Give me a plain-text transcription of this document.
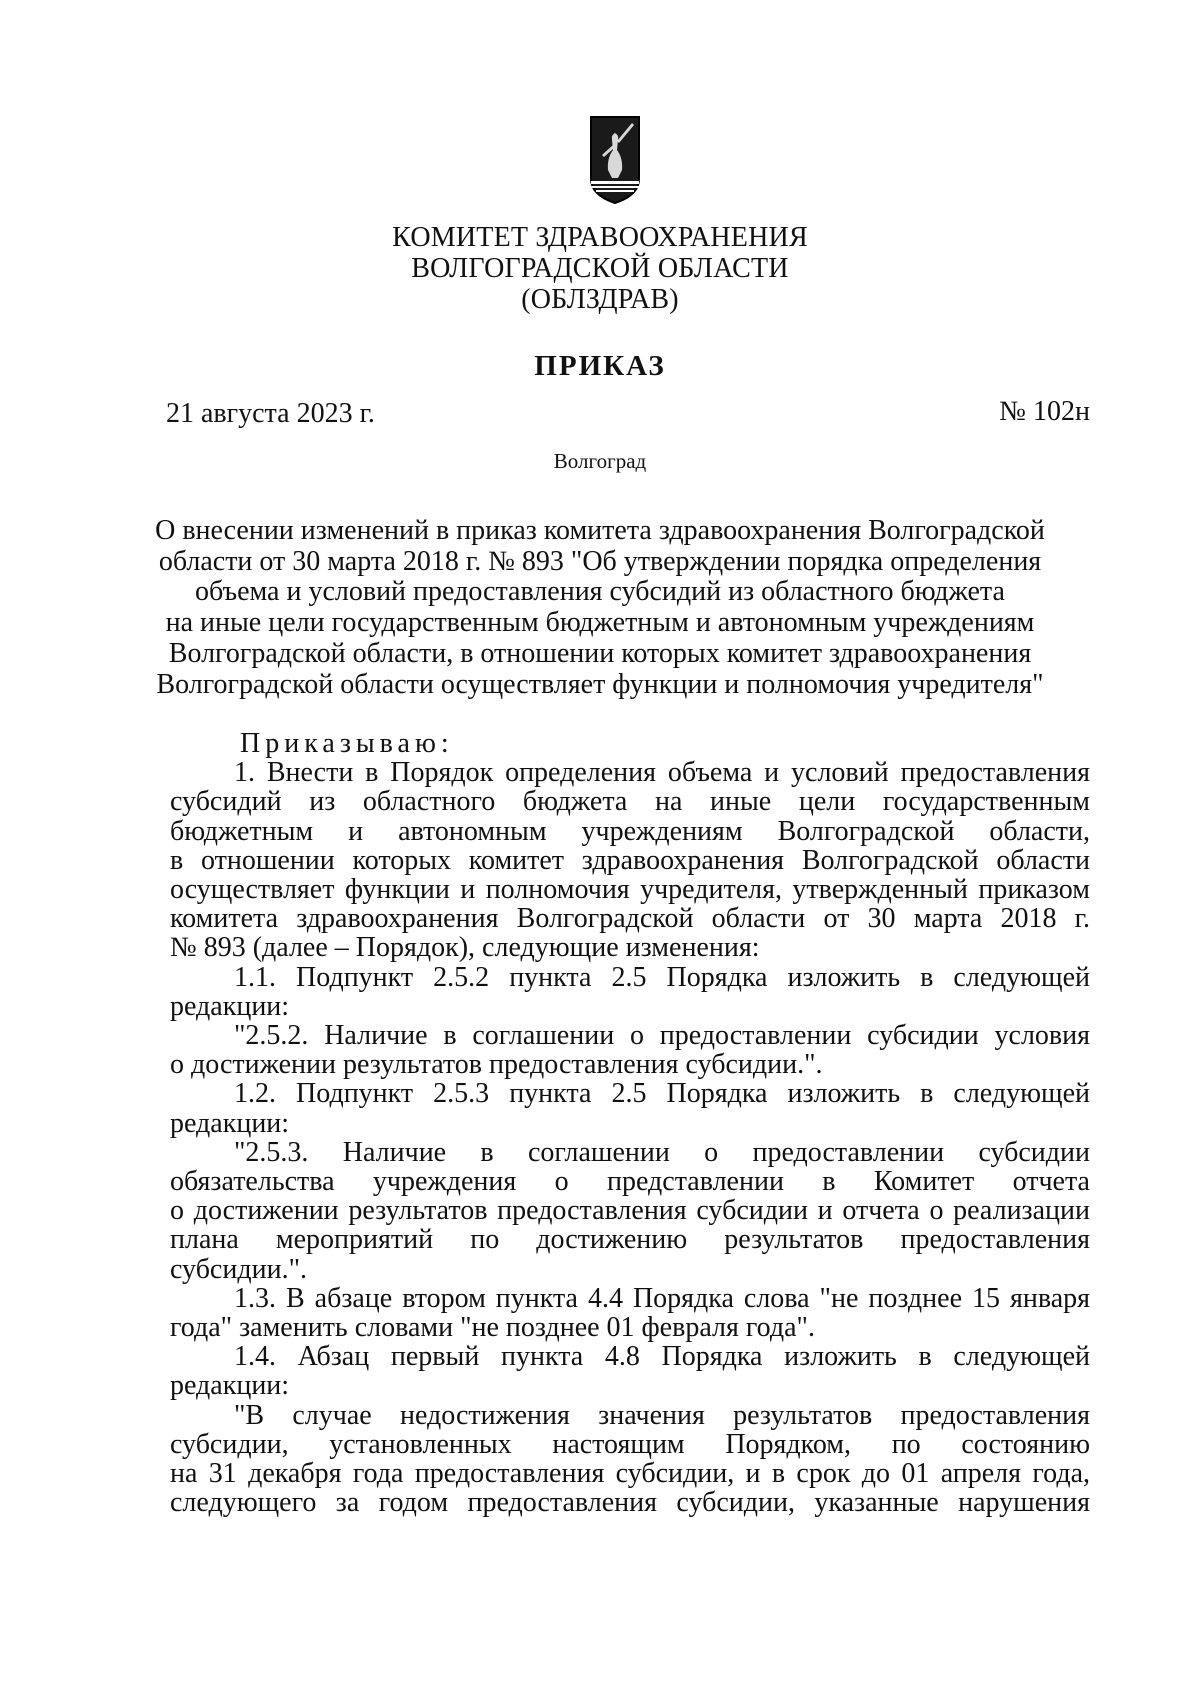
КОМИТЕТ ЗДРАВООХРАНЕНИЯ
ВОЛГОГРАДСКОЙ ОБЛАСТИ
(ОБЛЗДРАВ)
ПРИКАЗ
21 августа 2023 г.	№ 102н
Волгоград
О внесении изменений в приказ комитета здравоохранения Волгоградской
области от 30 марта 2018 г. № 893 "Об утверждении порядка определения
объема и условий предоставления субсидий из областного бюджета
на иные цели государственным бюджетным и автономным учреждениям
Волгоградской области, в отношении которых комитет здравоохранения
Волгоградской области осуществляет функции и полномочия учредителя"
Приказываю:
1. Внести в Порядок определения объема и условий предоставления
субсидий из областного бюджета на иные цели государственным
бюджетным и автономным учреждениям Волгоградской области,
в отношении которых комитет здравоохранения Волгоградской области
осуществляет функции и полномочия учредителя, утвержденный приказом
комитета здравоохранения Волгоградской области от 30 марта 2018 г.
№ 893 (далее – Порядок), следующие изменения:
1.1. Подпункт 2.5.2 пункта 2.5 Порядка изложить в следующей
редакции:
"2.5.2. Наличие в соглашении о предоставлении субсидии условия
о достижении результатов предоставления субсидии.".
1.2. Подпункт 2.5.3 пункта 2.5 Порядка изложить в следующей
редакции:
"2.5.3. Наличие в соглашении о предоставлении субсидии
обязательства учреждения о представлении в Комитет отчета
о достижении результатов предоставления субсидии и отчета о реализации
плана мероприятий по достижению результатов предоставления
субсидии.".
1.3. В абзаце втором пункта 4.4 Порядка слова "не позднее 15 января
года" заменить словами "не позднее 01 февраля года".
1.4. Абзац первый пункта 4.8 Порядка изложить в следующей
редакции:
"В случае недостижения значения результатов предоставления
субсидии, установленных настоящим Порядком, по состоянию
на 31 декабря года предоставления субсидии, и в срок до 01 апреля года,
следующего за годом предоставления субсидии, указанные нарушения
